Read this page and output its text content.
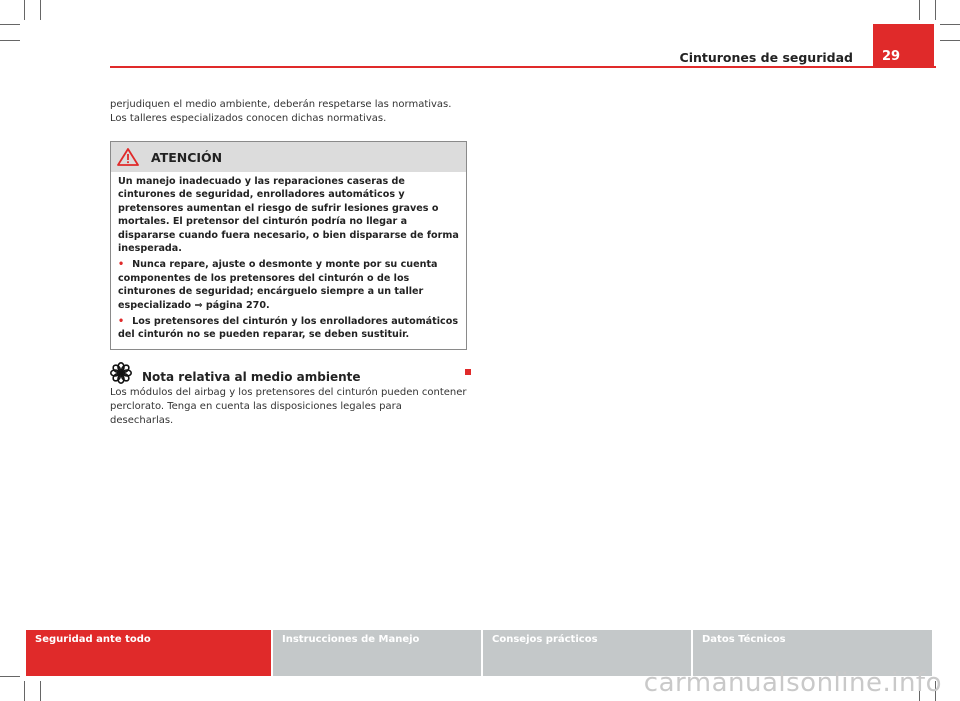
Cinturones de seguridad	29

perjudiquen el medio ambiente, deberán respetarse las normativas. Los talleres especializados conocen dichas normativas.

ATENCIÓN

Un manejo inadecuado y las reparaciones caseras de cinturones de seguridad, enrolladores automáticos y pretensores aumentan el riesgo de sufrir lesiones graves o mortales. El pretensor del cinturón podría no llegar a dispararse cuando fuera necesario, o bien dispararse de forma inesperada.

• Nunca repare, ajuste o desmonte y monte por su cuenta componentes de los pretensores del cinturón o de los cinturones de seguridad; encárguelo siempre a un taller especializado ⇒ página 270.

• Los pretensores del cinturón y los enrolladores automáticos del cinturón no se pueden reparar, se deben sustituir.

Nota relativa al medio ambiente

Los módulos del airbag y los pretensores del cinturón pueden contener perclorato. Tenga en cuenta las disposiciones legales para desecharlas.

Seguridad ante todo	Instrucciones de Manejo	Consejos prácticos	Datos Técnicos
carmanualsonline.info
